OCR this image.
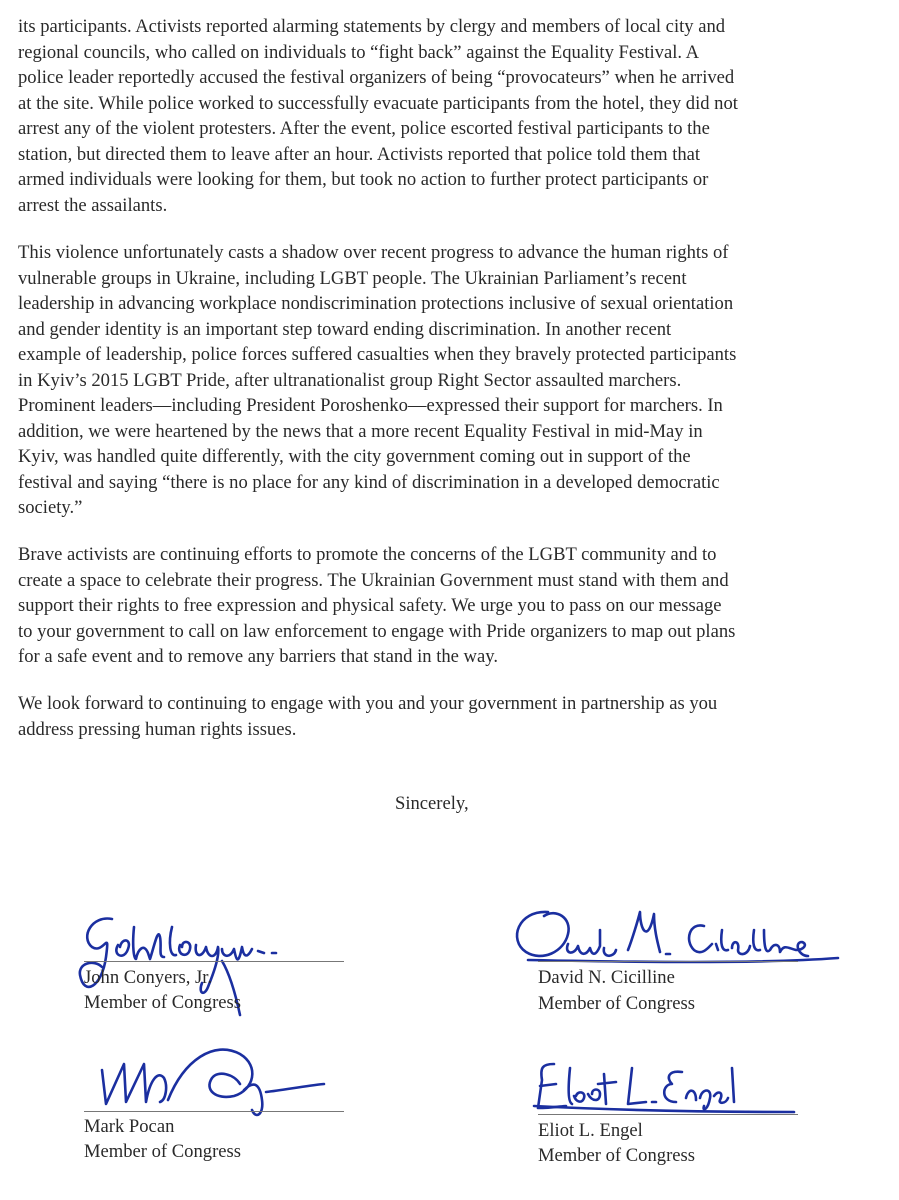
its participants. Activists reported alarming statements by clergy and members of local city and
regional councils, who called on individuals to “fight back” against the Equality Festival. A
police leader reportedly accused the festival organizers of being “provocateurs” when he arrived
at the site. While police worked to successfully evacuate participants from the hotel, they did not
arrest any of the violent protesters. After the event, police escorted festival participants to the
station, but directed them to leave after an hour. Activists reported that police told them that
armed individuals were looking for them, but took no action to further protect participants or
arrest the assailants.

This violence unfortunately casts a shadow over recent progress to advance the human rights of
vulnerable groups in Ukraine, including LGBT people. The Ukrainian Parliament’s recent
leadership in advancing workplace nondiscrimination protections inclusive of sexual orientation
and gender identity is an important step toward ending discrimination. In another recent
example of leadership, police forces suffered casualties when they bravely protected participants
in Kyiv’s 2015 LGBT Pride, after ultranationalist group Right Sector assaulted marchers.
Prominent leaders—including President Poroshenko—expressed their support for marchers. In
addition, we were heartened by the news that a more recent Equality Festival in mid-May in
Kyiv, was handled quite differently, with the city government coming out in support of the
festival and saying “there is no place for any kind of discrimination in a developed democratic
society.”

Brave activists are continuing efforts to promote the concerns of the LGBT community and to
create a space to celebrate their progress. The Ukrainian Government must stand with them and
support their rights to free expression and physical safety. We urge you to pass on our message
to your government to call on law enforcement to engage with Pride organizers to map out plans
for a safe event and to remove any barriers that stand in the way.

We look forward to continuing to engage with you and your government in partnership as you
address pressing human rights issues.

Sincerely,
John Conyers, Jr.
Member of Congress
David N. Cicilline
Member of Congress
Mark Pocan
Member of Congress
Eliot L. Engel
Member of Congress
